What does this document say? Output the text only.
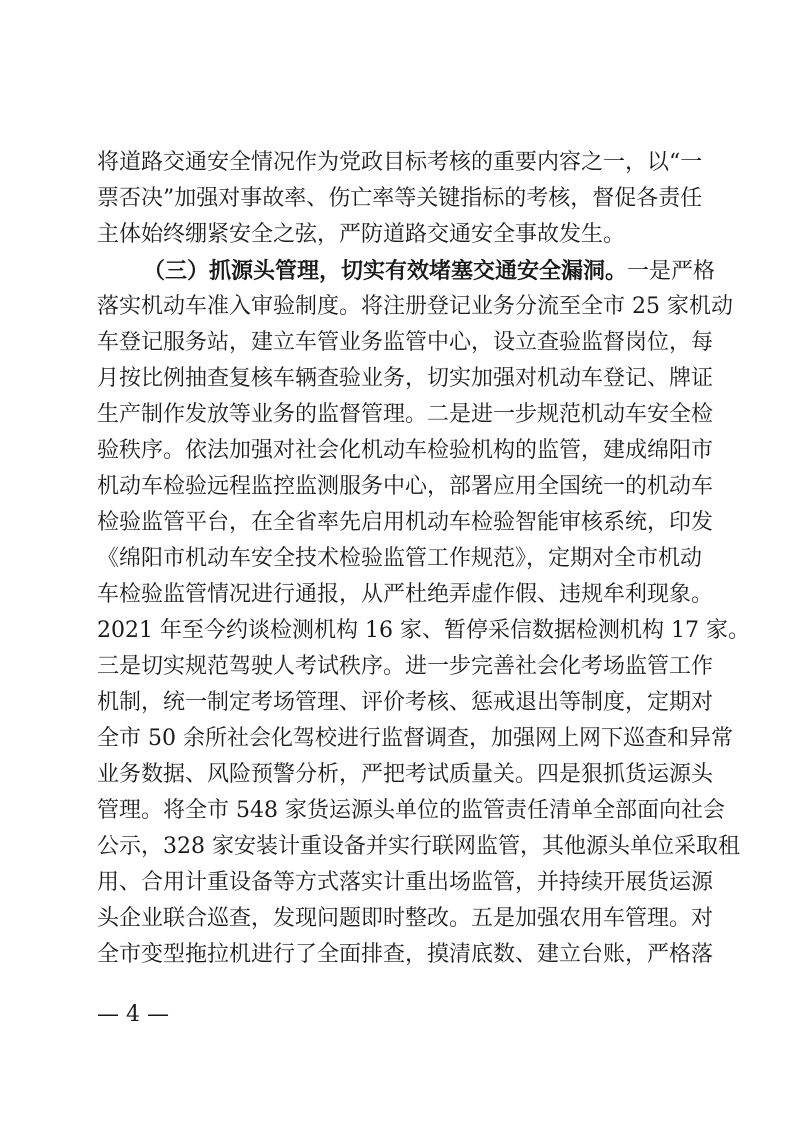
将道路交通安全情况作为党政目标考核的重要内容之一，以“一
票否决”加强对事故率、伤亡率等关键指标的考核，督促各责任
主体始终绷紧安全之弦，严防道路交通安全事故发生。
（三）抓源头管理，切实有效堵塞交通安全漏洞。一是严格
落实机动车准入审验制度。将注册登记业务分流至全市 25 家机动
车登记服务站，建立车管业务监管中心，设立查验监督岗位，每
月按比例抽查复核车辆查验业务，切实加强对机动车登记、牌证
生产制作发放等业务的监督管理。二是进一步规范机动车安全检
验秩序。依法加强对社会化机动车检验机构的监管，建成绵阳市
机动车检验远程监控监测服务中心，部署应用全国统一的机动车
检验监管平台，在全省率先启用机动车检验智能审核系统，印发
《绵阳市机动车安全技术检验监管工作规范》，定期对全市机动
车检验监管情况进行通报，从严杜绝弄虚作假、违规牟利现象。
2021 年至今约谈检测机构 16 家、暂停采信数据检测机构 17 家。
三是切实规范驾驶人考试秩序。进一步完善社会化考场监管工作
机制，统一制定考场管理、评价考核、惩戒退出等制度，定期对
全市 50 余所社会化驾校进行监督调查，加强网上网下巡查和异常
业务数据、风险预警分析，严把考试质量关。四是狠抓货运源头
管理。将全市 548 家货运源头单位的监管责任清单全部面向社会
公示，328 家安装计重设备并实行联网监管，其他源头单位采取租
用、合用计重设备等方式落实计重出场监管，并持续开展货运源
头企业联合巡查，发现问题即时整改。五是加强农用车管理。对
全市变型拖拉机进行了全面排查，摸清底数、建立台账，严格落
— 4 —
